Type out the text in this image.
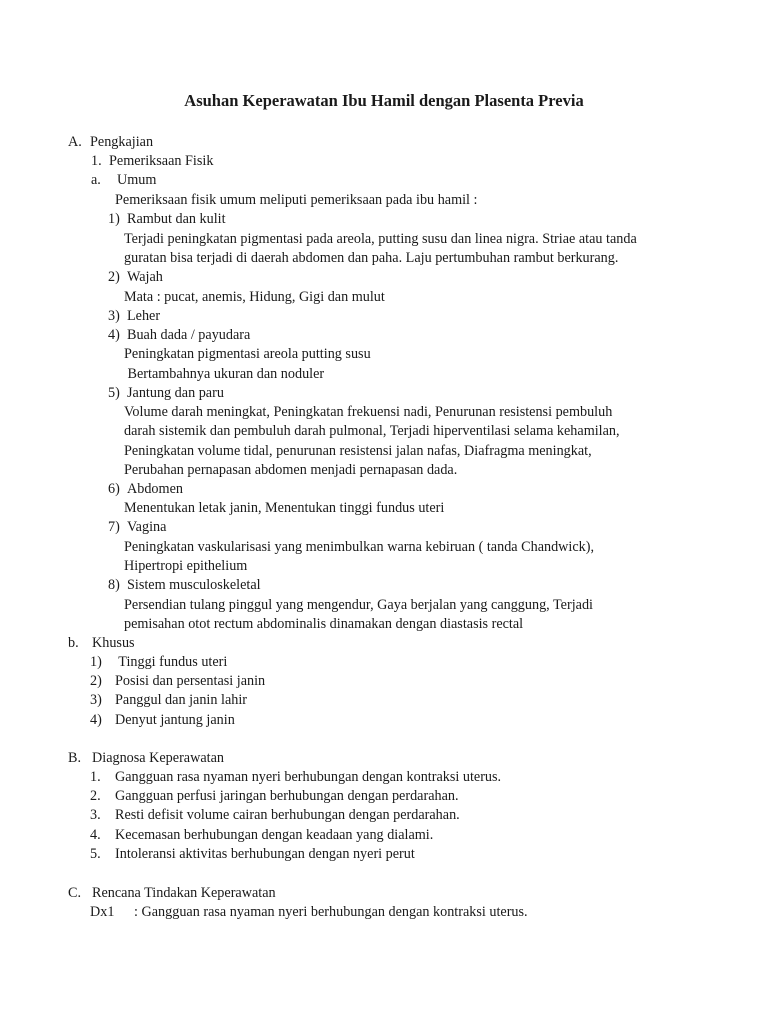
Asuhan Keperawatan Ibu Hamil dengan Plasenta Previa
A. Pengkajian
1. Pemeriksaan Fisik
a. Umum
Pemeriksaan fisik umum meliputi pemeriksaan pada ibu hamil :
1) Rambut dan kulit
Terjadi peningkatan pigmentasi pada areola, putting susu dan linea nigra. Striae atau tanda
guratan bisa terjadi di daerah abdomen dan paha. Laju pertumbuhan rambut berkurang.
2) Wajah
Mata : pucat, anemis, Hidung, Gigi dan mulut
3) Leher
4) Buah dada / payudara
Peningkatan pigmentasi areola putting susu
Bertambahnya ukuran dan noduler
5) Jantung dan paru
Volume darah meningkat, Peningkatan frekuensi nadi, Penurunan resistensi pembuluh
darah sistemik dan pembuluh darah pulmonal, Terjadi hiperventilasi selama kehamilan,
Peningkatan volume tidal, penurunan resistensi jalan nafas, Diafragma meningkat,
Perubahan pernapasan abdomen menjadi pernapasan dada.
6) Abdomen
Menentukan letak janin, Menentukan tinggi fundus uteri
7) Vagina
Peningkatan vaskularisasi yang menimbulkan warna kebiruan ( tanda Chandwick),
Hipertropi epithelium
8) Sistem musculoskeletal
Persendian tulang pinggul yang mengendur, Gaya berjalan yang canggung, Terjadi
pemisahan otot rectum abdominalis dinamakan dengan diastasis rectal
b. Khusus
1) Tinggi fundus uteri
2) Posisi dan persentasi janin
3) Panggul dan janin lahir
4) Denyut jantung janin
B. Diagnosa Keperawatan
1. Gangguan rasa nyaman nyeri berhubungan dengan kontraksi uterus.
2. Gangguan perfusi jaringan berhubungan dengan perdarahan.
3. Resti defisit volume cairan berhubungan dengan perdarahan.
4. Kecemasan berhubungan dengan keadaan yang dialami.
5. Intoleransi aktivitas berhubungan dengan nyeri perut
C. Rencana Tindakan Keperawatan
Dx1 : Gangguan rasa nyaman nyeri berhubungan dengan kontraksi uterus.
